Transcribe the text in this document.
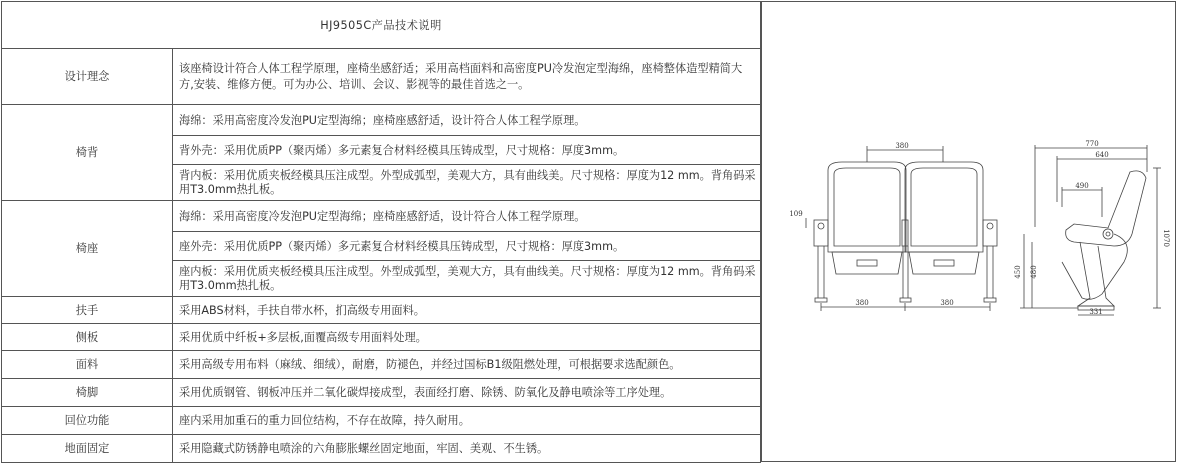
HJ9505C产品技术说明	
设计理念	该座椅设计符合人体工程学原理，座椅坐感舒适；采用高档面料和高密度PU冷发泡定型海绵，座椅整体造型精简大方,安装、维修方便。可为办公、培训、会议、影视等的最佳首选之一。
椅背	海绵：采用高密度冷发泡PU定型海绵；座椅座感舒适，设计符合人体工程学原理。
	背外壳：采用优质PP（聚丙烯）多元素复合材料经模具压铸成型，尺寸规格：厚度3mm。
	背内板：采用优质夹板经模具压注成型。外型成弧型，美观大方，具有曲线美。尺寸规格：厚度为12 mm。背角码采用T3.0mm热扎板。
椅座	海绵：采用高密度冷发泡PU定型海绵；座椅座感舒适，设计符合人体工程学原理。
	座外壳：采用优质PP（聚丙烯）多元素复合材料经模具压铸成型，尺寸规格：厚度3mm。
	座内板：采用优质夹板经模具压注成型。外型成弧型，美观大方，具有曲线美。尺寸规格：厚度为12 mm。背角码采用T3.0mm热扎板。
扶手	采用ABS材料，手扶自带水杯，扪高级专用面料。
侧板	采用优质中纤板+多层板,面覆高级专用面料处理。
面料	采用高级专用布料（麻绒、细绒），耐磨，防褪色，并经过国标B1级阻燃处理，可根据要求选配颜色。
椅脚	采用优质钢管、钢板冲压并二氧化碳焊接成型，表面经打磨、除锈、防氧化及静电喷涂等工序处理。
回位功能	座内采用加重石的重力回位结构，不存在故障，持久耐用。
地面固定	采用隐藏式防锈静电喷涂的六角膨胀螺丝固定地面，牢固、美观、不生锈。
380
109
380	380
770
640
490
1070
450 480
331
